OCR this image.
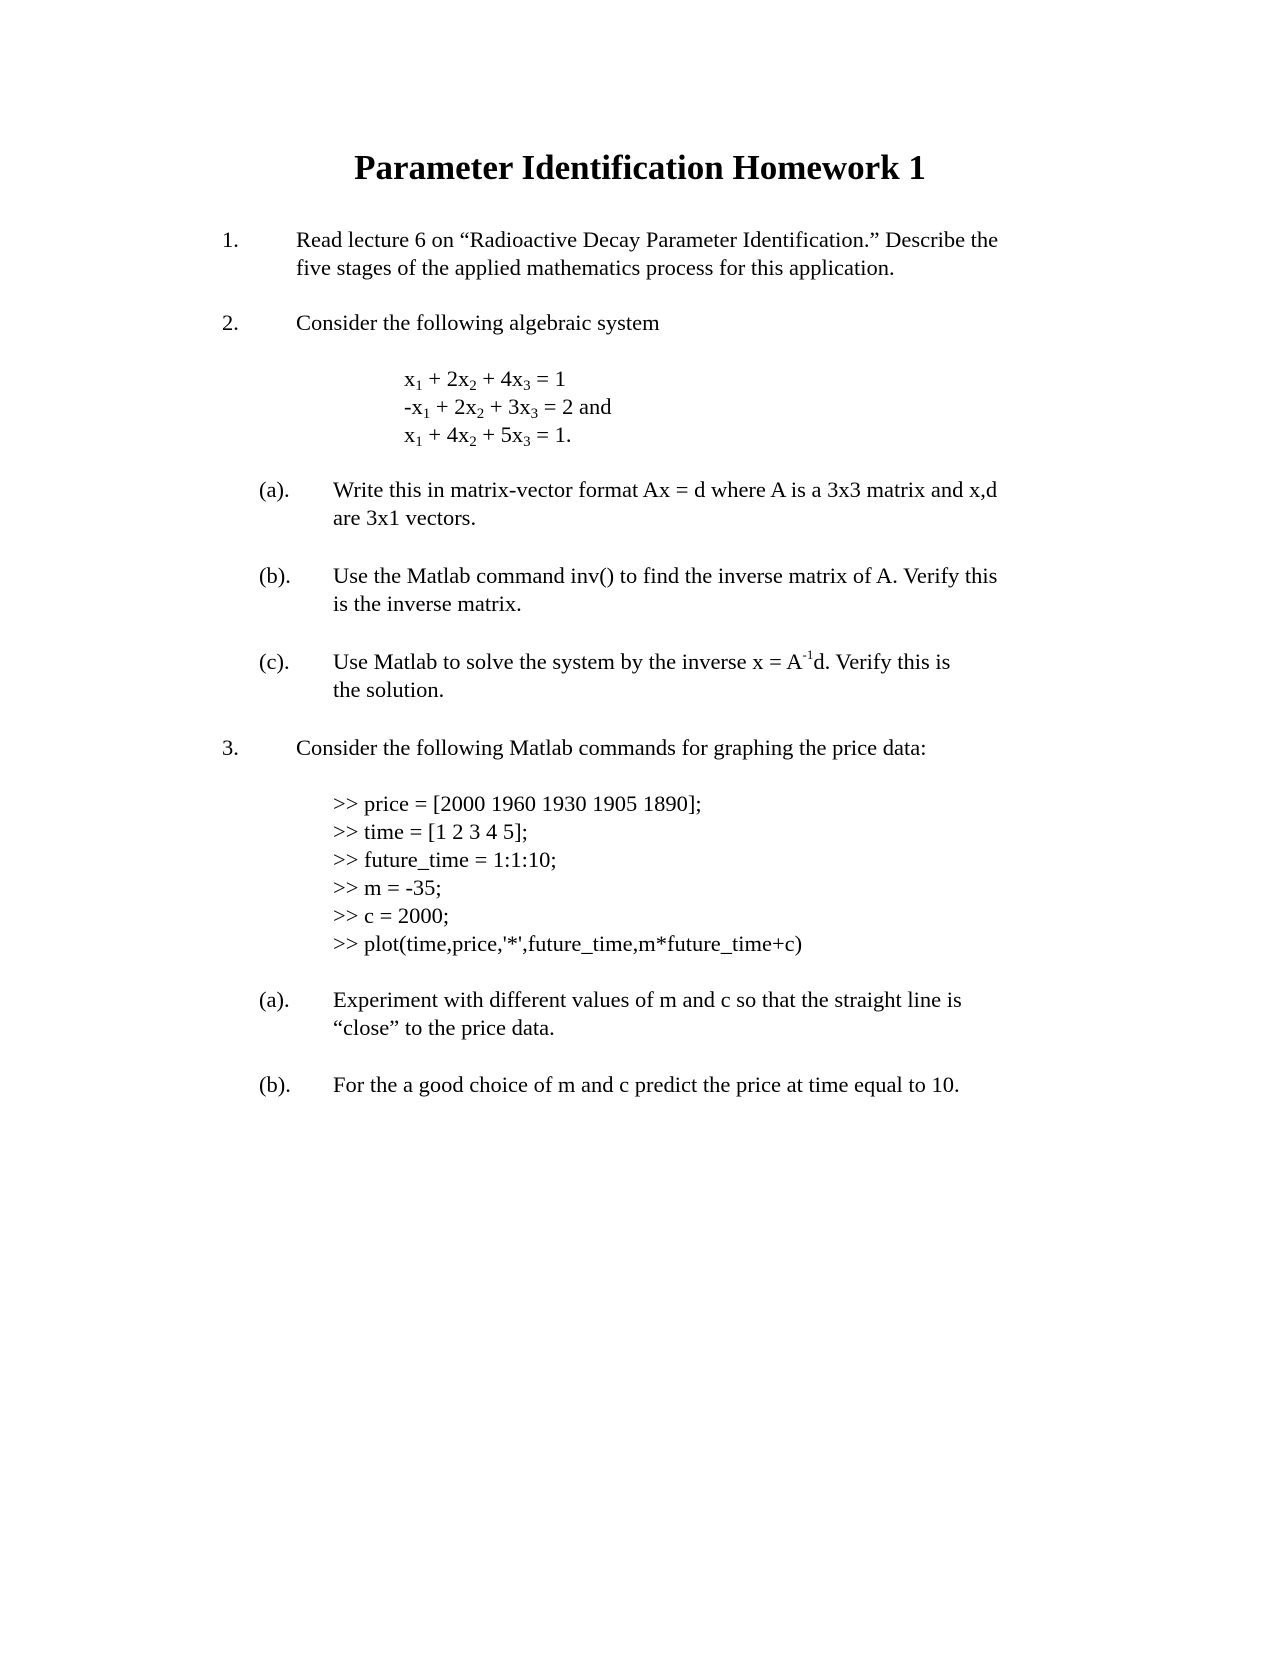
Parameter Identification Homework 1
1.	Read lecture 6 on “Radioactive Decay Parameter Identification.” Describe the
five stages of the applied mathematics process for this application.
2.	Consider the following algebraic system
$x_1 + 2x_2 + 4x_3 = 1$
$-x_1 + 2x_2 + 3x_3 = 2$ and
$x_1 + 4x_2 + 5x_3 = 1$.
(a). Write this in matrix-vector format Ax = d where A is a 3x3 matrix and x,d
are 3x1 vectors.
(b). Use the Matlab command inv() to find the inverse matrix of A. Verify this
is the inverse matrix.
(c). Use Matlab to solve the system by the inverse $x = A^{-1}d$. Verify this is
the solution.
3.	Consider the following Matlab commands for graphing the price data:
>> price = [2000 1960 1930 1905 1890];
>> time = [1 2 3 4 5];
>> future_time = 1:1:10;
>> m = -35;
>> c = 2000;
>> plot(time,price,'*',future_time,m*future_time+c)
(a). Experiment with different values of m and c so that the straight line is
“close” to the price data.
(b). For the a good choice of m and c predict the price at time equal to 10.
